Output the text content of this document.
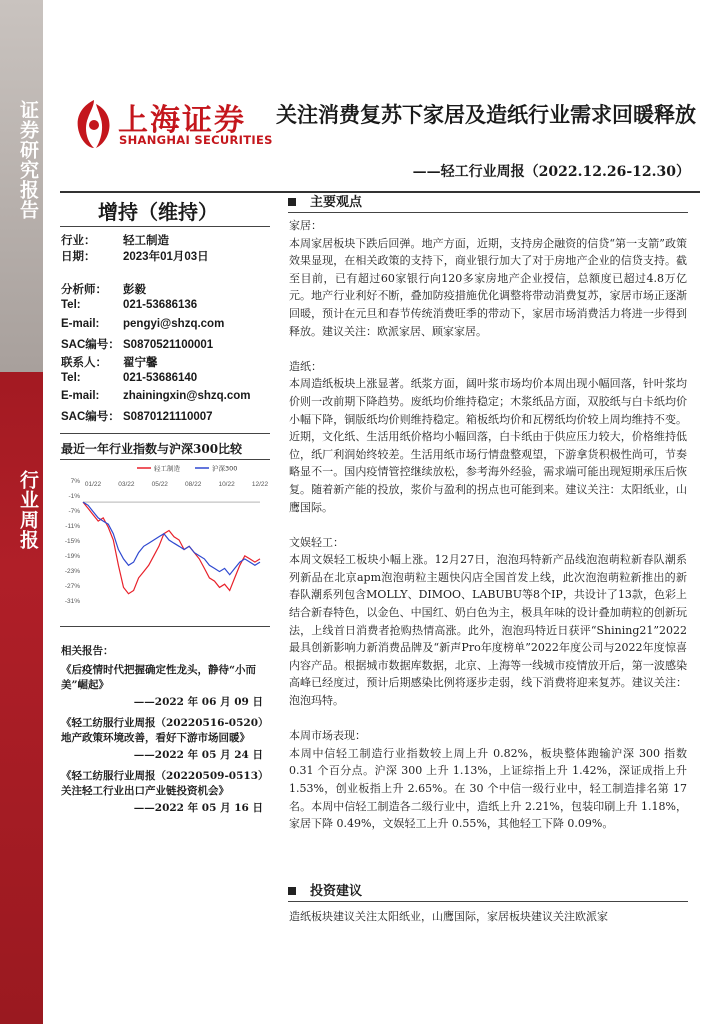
证券研究报告
行业周报
上海证券
SHANGHAI SECURITIES
关注消费复苏下家居及造纸行业需求回暖释放
——轻工行业周报（2022.12.26-12.30）
增持（维持）
行业： 轻工制造
日期： 2023年01月03日
分析师： 彭毅
Tel:	021-53686136
E-mail: pengyi@shzq.com
SAC编号： S0870521100001
联系人： 翟宁馨
Tel:	021-53686140
E-mail: zhainingxin@shzq.com
SAC编号： S0870121110007
最近一年行业指数与沪深300比较
7%
-1%
-7%
-11%
-15%
-19%
-23%
-27%
-31%
01/22	03/22	05/22	08/22	10/22	12/22
轻工制造	沪深300
相关报告：
《后疫情时代把握确定性龙头，静待“小而美”崛起》
——2022 年 06 月 09 日
《轻工纺服行业周报（20220516-0520）地产政策环境改善，看好下游市场回暖》
——2022 年 05 月 24 日
《轻工纺服行业周报（20220509-0513）关注轻工行业出口产业链投资机会》
——2022 年 05 月 16 日
主要观点

家居：

本周家居板块下跌后回弹。地产方面，近期，支持房企融资的信贷“第一支箭”政策效果显现，在相关政策的支持下，商业银行加大了对于房地产企业的信贷支持。截至目前，已有超过60家银行向120多家房地产企业授信，总额度已超过4.8万亿元。地产行业利好不断，叠加防疫措施优化调整将带动消费复苏，家居市场正逐渐回暖，预计在元旦和春节传统消费旺季的带动下，家居市场消费活力将进一步得到释放。建议关注：欧派家居、顾家家居。

造纸：

本周造纸板块上涨显著。纸浆方面，阔叶浆市场均价本周出现小幅回落，针叶浆均价则一改前期下降趋势。废纸均价维持稳定；木浆纸品方面，双胶纸与白卡纸均价小幅下降，铜版纸均价则维持稳定。箱板纸均价和瓦楞纸均价较上周均维持不变。近期，文化纸、生活用纸价格均小幅回落，白卡纸由于供应压力较大，价格维持低位，纸厂利润始终较差。生活用纸市场行情盘整观望，下游拿货积极性尚可，节奏略显不一。国内疫情管控继续放松，参考海外经验，需求端可能出现短期承压后恢复。随着新产能的投放，浆价与盈利的拐点也可能到来。建议关注：太阳纸业，山鹰国际。

文娱轻工：

本周文娱轻工板块小幅上涨。12月27日，泡泡玛特新产品线泡泡萌粒新春队潮系列新品在北京apm泡泡萌粒主题快闪店全国首发上线，此次泡泡萌粒新推出的新春队潮系列包含MOLLY、DIMOO、LABUBU等8个IP，共设计了13款，色彩上结合新春特色，以金色、中国红、奶白色为主，极具年味的设计叠加萌粒的创新玩法，上线首日消费者抢购热情高涨。此外，泡泡玛特近日获评“Shining21”2022最具创新影响力新消费品牌及“新声Pro年度榜单”2022年度公司与2022年度惊喜内容产品。根据城市数据库数据，北京、上海等一线城市疫情放开后，第一波感染高峰已经度过，预计后期感染比例将逐步走弱，线下消费将迎来复苏。建议关注：泡泡玛特。

本周市场表现：

本周中信轻工制造行业指数较上周上升 0.82%，板块整体跑输沪深 300 指数 0.31 个百分点。沪深 300 上升 1.13%，上证综指上升 1.42%，深证成指上升 1.53%，创业板指上升 2.65%。在 30 个中信一级行业中，轻工制造排名第 17 名。本周中信轻工制造各二级行业中，造纸上升 2.21%，包装印刷上升 1.18%，家居下降 0.49%，文娱轻工上升 0.55%，其他轻工下降 0.09%。

投资建议
造纸板块建议关注太阳纸业，山鹰国际，家居板块建议关注欧派家
